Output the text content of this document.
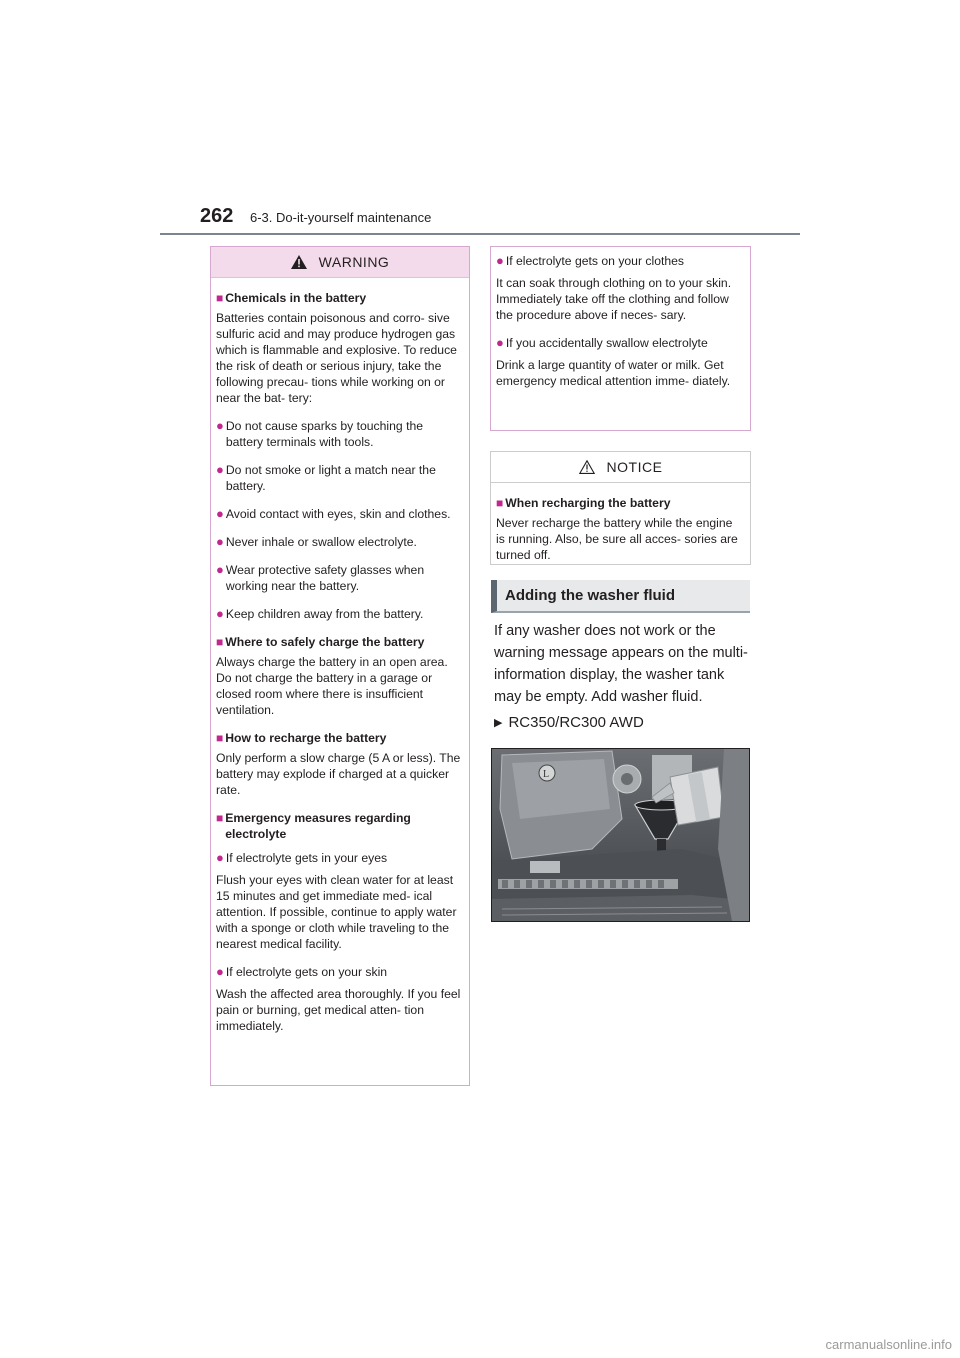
262 6-3. Do-it-yourself maintenance
WARNING
■ Chemicals in the battery
Batteries contain poisonous and corro- sive sulfuric acid and may produce hydrogen gas which is flammable and explosive. To reduce the risk of death or serious injury, take the following precau- tions while working on or near the bat- tery:
● Do not cause sparks by touching the battery terminals with tools.
● Do not smoke or light a match near the battery.
● Avoid contact with eyes, skin and clothes.
● Never inhale or swallow electrolyte.
● Wear protective safety glasses when working near the battery.
● Keep children away from the battery.
■ Where to safely charge the battery
Always charge the battery in an open area. Do not charge the battery in a garage or closed room where there is insufficient ventilation.
■ How to recharge the battery
Only perform a slow charge (5 A or less). The battery may explode if charged at a quicker rate.
■ Emergency measures regarding electrolyte
● If electrolyte gets in your eyes
Flush your eyes with clean water for at least 15 minutes and get immediate med- ical attention. If possible, continue to apply water with a sponge or cloth while traveling to the nearest medical facility.
● If electrolyte gets on your skin
Wash the affected area thoroughly. If you feel pain or burning, get medical atten- tion immediately.
● If electrolyte gets on your clothes
It can soak through clothing on to your skin. Immediately take off the clothing and follow the procedure above if neces- sary.
● If you accidentally swallow electrolyte
Drink a large quantity of water or milk. Get emergency medical attention imme- diately.
NOTICE
■ When recharging the battery
Never recharge the battery while the engine is running. Also, be sure all acces- sories are turned off.
Adding the washer fluid
If any washer does not work or the warning message appears on the multi-information display, the washer tank may be empty. Add washer fluid.
▶ RC350/RC300 AWD
L
carmanualsonline.info
